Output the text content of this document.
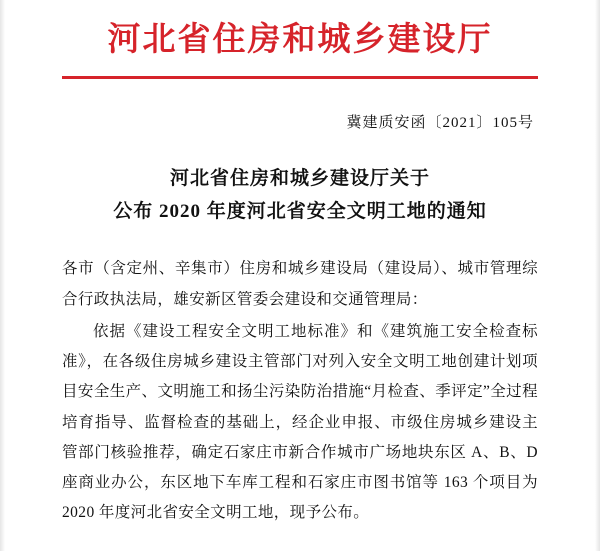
河北省住房和城乡建设厅
冀建质安函〔2021〕105号
河北省住房和城乡建设厅关于
公布 2020 年度河北省安全文明工地的通知

各市（含定州、辛集市）住房和城乡建设局（建设局）、城市管理综合行政执法局，雄安新区管委会建设和交通管理局：

依据《建设工程安全文明工地标准》和《建筑施工安全检查标准》，在各级住房城乡建设主管部门对列入安全文明工地创建计划项目安全生产、文明施工和扬尘污染防治措施“月检查、季评定”全过程培育指导、监督检查的基础上，经企业申报、市级住房城乡建设主管部门核验推荐，确定石家庄市新合作城市广场地块东区 A、B、D 座商业办公，东区地下车库工程和石家庄市图书馆等 163 个项目为 2020 年度河北省安全文明工地，现予公布。
